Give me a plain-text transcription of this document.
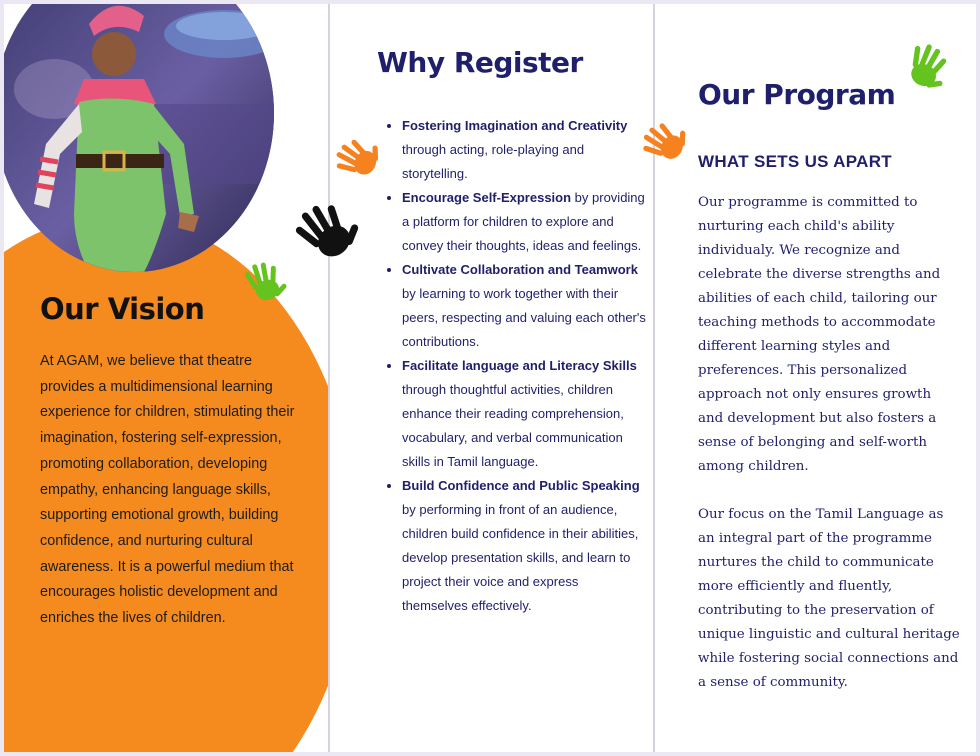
Our Vision

At AGAM, we believe that theatre provides a multidimensional learning experience for children, stimulating their imagination, fostering self-expression, promoting collaboration, developing empathy, enhancing language skills, supporting emotional growth, building confidence, and nurturing cultural awareness. It is a powerful medium that encourages holistic development and enriches the lives of children.

Why Register
• Fostering Imagination and Creativity through acting, role-playing and storytelling.
• Encourage Self-Expression by providing a platform for children to explore and convey their thoughts, ideas and feelings.
• Cultivate Collaboration and Teamwork by learning to work together with their peers, respecting and valuing each other's contributions.
• Facilitate language and Literacy Skills through thoughtful activities, children enhance their reading comprehension, vocabulary, and verbal communication skills in Tamil language.
• Build Confidence and Public Speaking by performing in front of an audience, children build confidence in their abilities, develop presentation skills, and learn to project their voice and express themselves effectively.
Our Program
WHAT SETS US APART

Our programme is committed to nurturing each child's ability individualy. We recognize and celebrate the diverse strengths and abilities of each child, tailoring our teaching methods to accommodate different learning styles and preferences. This personalized approach not only ensures growth and development but also fosters a sense of belonging and self-worth among children.

Our focus on the Tamil Language as an integral part of the programme nurtures the child to communicate more efficiently and fluently, contributing to the preservation of unique linguistic and cultural heritage while fostering social connections and a sense of community.
